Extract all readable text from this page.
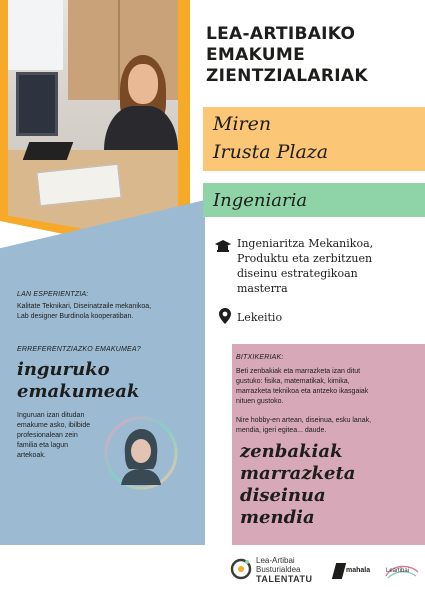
LEA-ARTIBAIKO
EMAKUME
ZIENTZIALARIAK
Miren
Irusta Plaza
Ingeniaria
Ingeniaritza Mekanikoa,
Produktu eta zerbitzuen
diseinu estrategikoan
masterra
Lekeitio
LAN ESPERIENTZIA:
Kalitate Teknikari, Diseinatzaile mekanikoa,
Lab designer Burdinola kooperatiban.
ERREFERENTZIAZKO EMAKUMEA?
inguruko
emakumeak
Inguruan izan ditudan
emakume asko, ibilbide
profesionalean zein
familia eta lagun
artekoak.
BITXIKERIAK:
Beti zenbakiak eta marrazketa izan ditut
gustuko: fisika, matematikak, kimika,
marrazketa teknikoa eta antzeko ikasgaiak
nituen gustoko.
Nire hobby-en artean, diseinua, esku lanak,
mendia, igeri egitea... daude.
zenbakiak
marrazketa
diseinua
mendia
Lea-Artibai
Busturialdea
TALENTATU
mahala	Leartibai
